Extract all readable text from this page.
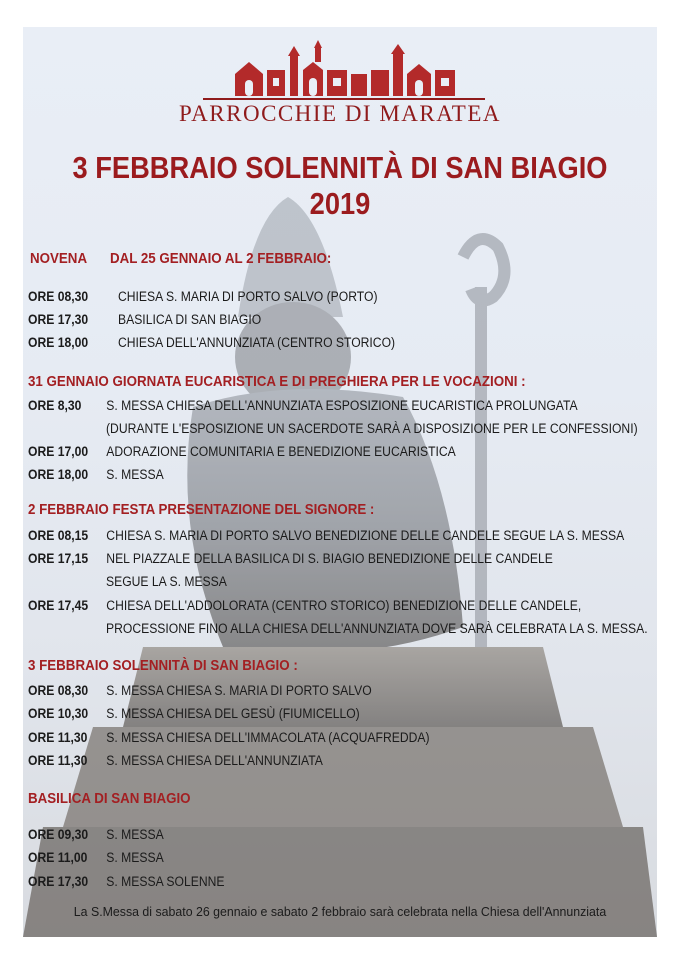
PARROCCHIE DI MARATEA
3 FEBBRAIO SOLENNITÀ DI SAN BIAGIO 2019
NOVENA DAL 25 GENNAIO AL 2 FEBBRAIO:
ORE 08,30 CHIESA S. MARIA DI PORTO SALVO (PORTO)
ORE 17,30 BASILICA DI SAN BIAGIO
ORE 18,00 CHIESA DELL'ANNUNZIATA (CENTRO STORICO)
31 GENNAIO GIORNATA EUCARISTICA E DI PREGHIERA PER LE VOCAZIONI :
ORE 8,30 S. MESSA CHIESA DELL'ANNUNZIATA ESPOSIZIONE EUCARISTICA PROLUNGATA
(DURANTE L'ESPOSIZIONE UN SACERDOTE SARÀ A DISPOSIZIONE PER LE CONFESSIONI)
ORE 17,00 ADORAZIONE COMUNITARIA E BENEDIZIONE EUCARISTICA
ORE 18,00 S. MESSA
2 FEBBRAIO FESTA PRESENTAZIONE DEL SIGNORE :
ORE 08,15 CHIESA S. MARIA DI PORTO SALVO BENEDIZIONE DELLE CANDELE SEGUE LA S. MESSA
ORE 17,15 NEL PIAZZALE DELLA BASILICA DI S. BIAGIO BENEDIZIONE DELLE CANDELE
SEGUE LA S. MESSA
ORE 17,45 CHIESA DELL'ADDOLORATA (CENTRO STORICO) BENEDIZIONE DELLE CANDELE,
PROCESSIONE FINO ALLA CHIESA DELL'ANNUNZIATA DOVE SARÀ CELEBRATA LA S. MESSA.
3 FEBBRAIO SOLENNITÀ DI SAN BIAGIO :
ORE 08,30 S. MESSA CHIESA S. MARIA DI PORTO SALVO
ORE 10,30 S. MESSA CHIESA DEL GESÙ (FIUMICELLO)
ORE 11,30 S. MESSA CHIESA DELL'IMMACOLATA (ACQUAFREDDA)
ORE 11,30 S. MESSA CHIESA DELL'ANNUNZIATA
BASILICA DI SAN BIAGIO
ORE 09,30 S. MESSA
ORE 11,00 S. MESSA
ORE 17,30 S. MESSA SOLENNE
La S.Messa di sabato 26 gennaio e sabato 2 febbraio sarà celebrata nella Chiesa dell'Annunziata
